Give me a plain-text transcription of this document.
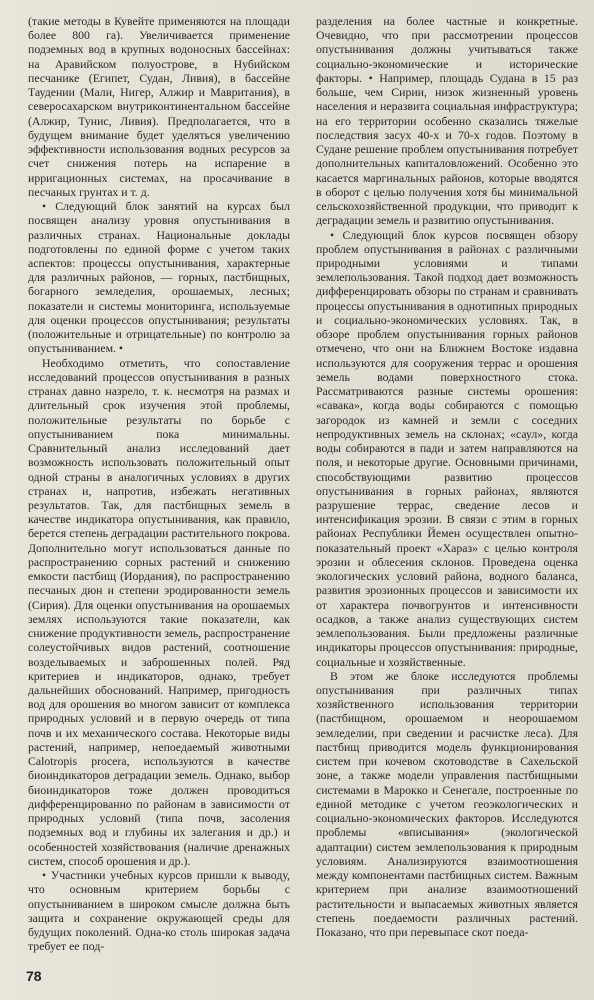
(такие методы в Кувейте применяются на площади более 800 га). Увеличивается применение подземных вод в крупных водоносных бассейнах: на Аравийском полуострове, в Нубийском песчанике (Египет, Судан, Ливия), в бассейне Таудении (Мали, Нигер, Алжир и Мавритания), в северосахарском внутриконтинентальном бассейне (Алжир, Тунис, Ливия). Предполагается, что в будущем внимание будет уделяться увеличению эффективности использования водных ресурсов за счет снижения потерь на испарение в ирригационных системах, на просачивание в песчаных грунтах и т. д.

• Следующий блок занятий на курсах был посвящен анализу уровня опустынивания в различных странах. Национальные доклады подготовлены по единой форме с учетом таких аспектов: процессы опустынивания, характерные для различных районов, — горных, пастбищных, богарного земледелия, орошаемых, лесных; показатели и системы мониторинга, используемые для оценки процессов опустынивания; результаты (положительные и отрицательные) по контролю за опустыниванием. •

Необходимо отметить, что сопоставление исследований процессов опустынивания в разных странах давно назрело, т. к. несмотря на размах и длительный срок изучения этой проблемы, положительные результаты по борьбе с опустыниванием пока минимальны. Сравнительный анализ исследований дает возможность использовать положительный опыт одной страны в аналогичных условиях в других странах и, напротив, избежать негативных результатов. Так, для пастбищных земель в качестве индикатора опустынивания, как правило, берется степень деградации растительного покрова. Дополнительно могут использоваться данные по распространению сорных растений и снижению емкости пастбищ (Иордания), по распространению песчаных дюн и степени эродированности земель (Сирия). Для оценки опустынивания на орошаемых землях используются такие показатели, как снижение продуктивности земель, распространение солеустойчивых видов растений, соотношение возделываемых и заброшенных полей. Ряд критериев и индикаторов, однако, требует дальнейших обоснований. Например, пригодность вод для орошения во многом зависит от комплекса природных условий и в первую очередь от типа почв и их механического состава. Некоторые виды растений, например, непоедаемый животными Calotropis procera, используются в качестве биоиндикаторов деградации земель. Однако, выбор биоиндикаторов тоже должен проводиться дифференцированно по районам в зависимости от природных условий (типа почв, засоления подземных вод и глубины их залегания и др.) и особенностей хозяйствования (наличие дренажных систем, способ орошения и др.).

• Участники учебных курсов пришли к выводу, что основным критерием борьбы с опустыниванием в широком смысле должна быть защита и сохранение окружающей среды для будущих поколений. Одна-ко столь широкая задача требует ее под-

разделения на более частные и конкретные. Очевидно, что при рассмотрении процессов опустынивания должны учитываться также социально-экономические и исторические факторы. • Например, площадь Судана в 15 раз больше, чем Сирии, низок жизненный уровень населения и неразвита социальная инфраструктура; на его территории особенно сказались тяжелые последствия засух 40-х и 70-х годов. Поэтому в Судане решение проблем опустынивания потребует дополнительных капиталовложений. Особенно это касается маргинальных районов, которые вводятся в оборот с целью получения хотя бы минимальной сельскохозяйственной продукции, что приводит к деградации земель и развитию опустынивания.

• Следующий блок курсов посвящен обзору проблем опустынивания в районах с различными природными условиями и типами землепользования. Такой подход дает возможность дифференцировать обзоры по странам и сравнивать процессы опустынивания в однотипных природных и социально-экономических условиях. Так, в обзоре проблем опустынивания горных районов отмечено, что они на Ближнем Востоке издавна используются для сооружения террас и орошения земель водами поверхностного стока. Рассматриваются разные системы орошения: «савака», когда воды собираются с помощью загородок из камней и земли с соседних непродуктивных земель на склонах; «саул», когда воды собираются в пади и затем направляются на поля, и некоторые другие. Основными причинами, способствующими развитию процессов опустынивания в горных районах, являются разрушение террас, сведение лесов и интенсификация эрозии. В связи с этим в горных районах Республики Йемен осуществлен опытно-показательный проект «Хараз» с целью контроля эрозии и облесения склонов. Проведена оценка экологических условий района, водного баланса, развития эрозионных процессов и зависимости их от характера почвогрунтов и интенсивности осадков, а также анализ существующих систем землепользования. Были предложены различные индикаторы процессов опустынивания: природные, социальные и хозяйственные.

В этом же блоке исследуются проблемы опустынивания при различных типах хозяйственного использования территории (пастбищном, орошаемом и неорошаемом земледелии, при сведении и расчистке леса). Для пастбищ приводится модель функционирования систем при кочевом скотоводстве в Сахельской зоне, а также модели управления пастбищными системами в Марокко и Сенегале, построенные по единой методике с учетом геоэкологических и социально-экономических факторов. Исследуются проблемы «вписывания» (экологической адаптации) систем землепользования к природным условиям. Анализируются взаимоотношения между компонентами пастбищных систем. Важным критерием при анализе взаимоотношений растительности и выпасаемых животных является степень поедаемости различных растений. Показано, что при перевыпасе скот поеда-

78
